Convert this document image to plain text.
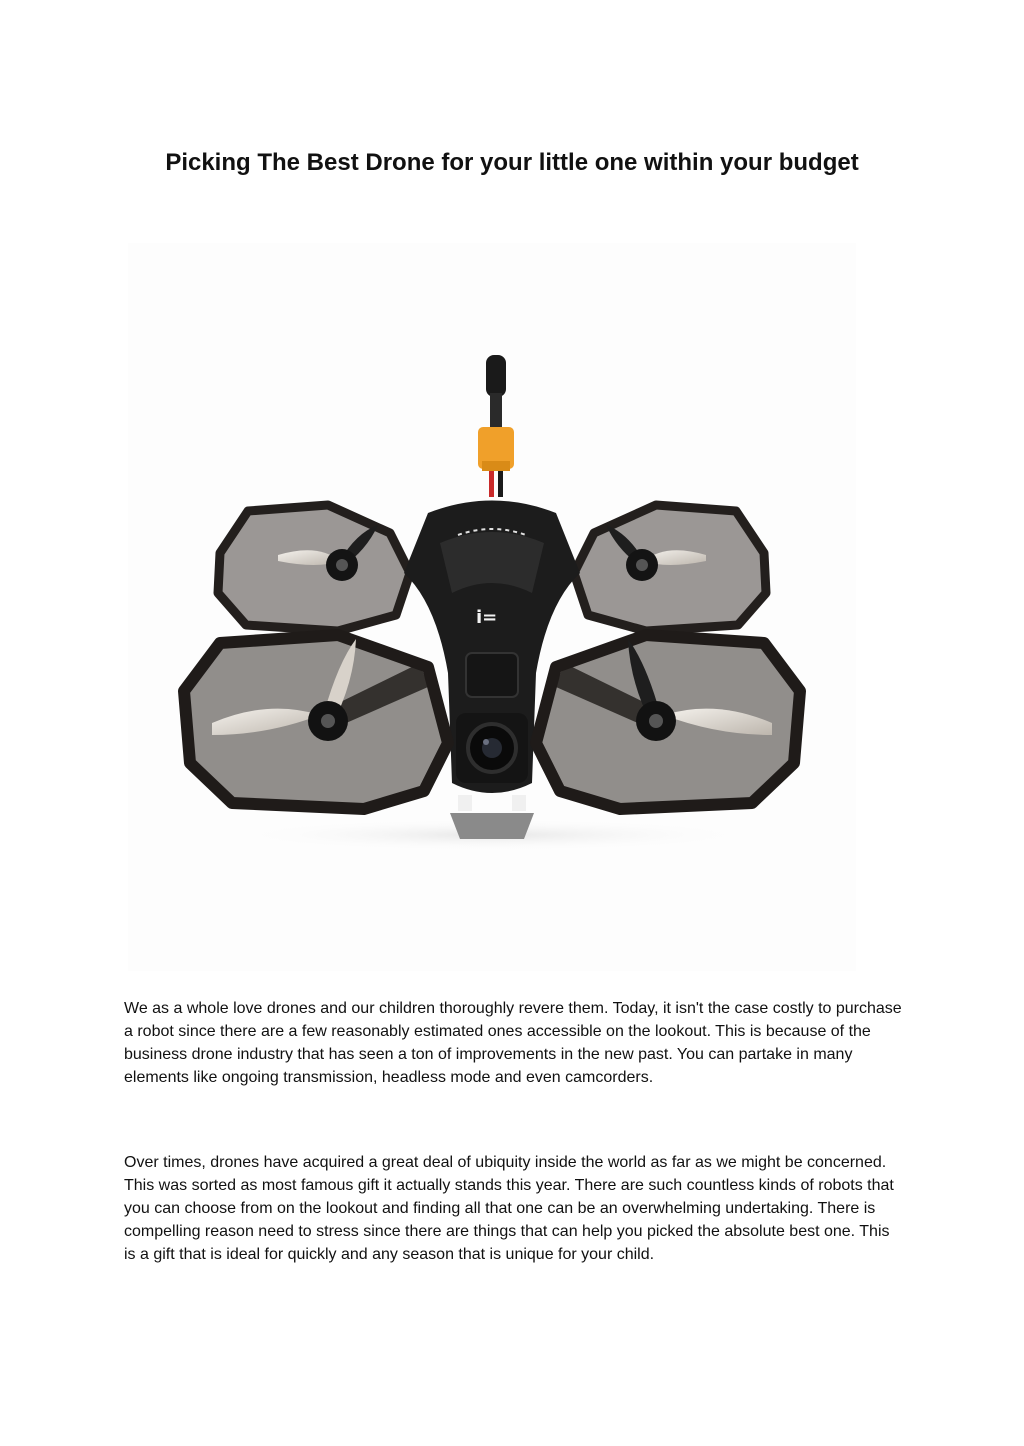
Picking The Best Drone for your little one within your budget
i=

We as a whole love drones and our children thoroughly revere them. Today, it isn't the case costly to purchase a robot since there are a few reasonably estimated ones accessible on the lookout. This is because of the business drone industry that has seen a ton of improvements in the new past. You can partake in many elements like ongoing transmission, headless mode and even camcorders.

Over times, drones have acquired a great deal of ubiquity inside the world as far as we might be concerned. This was sorted as most famous gift it actually stands this year. There are such countless kinds of robots that you can choose from on the lookout and finding all that one can be an overwhelming undertaking. There is compelling reason need to stress since there are things that can help you picked the absolute best one. This is a gift that is ideal for quickly and any season that is unique for your child.
